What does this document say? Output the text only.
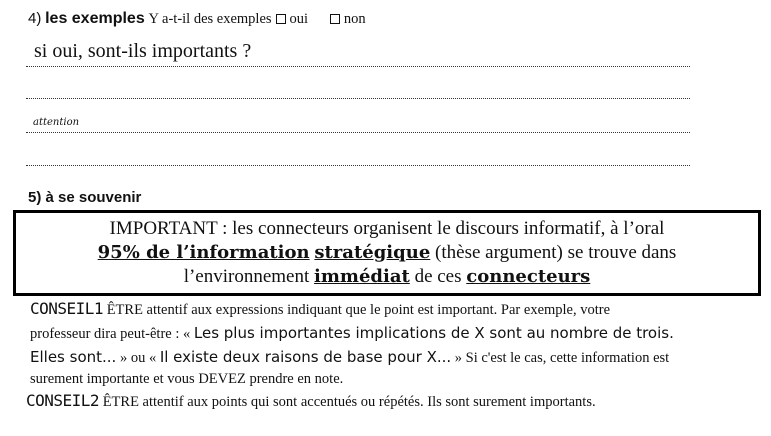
4) les exemples Y a-t-il des exemples oui non
si oui, sont-ils importants ?
attention
5) à se souvenir
IMPORTANT : les connecteurs organisent le discours informatif, à l’oral
95% de l’information stratégique (thèse argument) se trouve dans
l’environnement immédiat de ces connecteurs
CONSEIL1 ÊTRE attentif aux expressions indiquant que le point est important. Par exemple, votre
professeur dira peut-être : « Les plus importantes implications de X sont au nombre de trois.
Elles sont... » ou « Il existe deux raisons de base pour X... » Si c'est le cas, cette information est
surement importante et vous DEVEZ prendre en note.
CONSEIL2 ÊTRE attentif aux points qui sont accentués ou répétés. Ils sont surement importants.
